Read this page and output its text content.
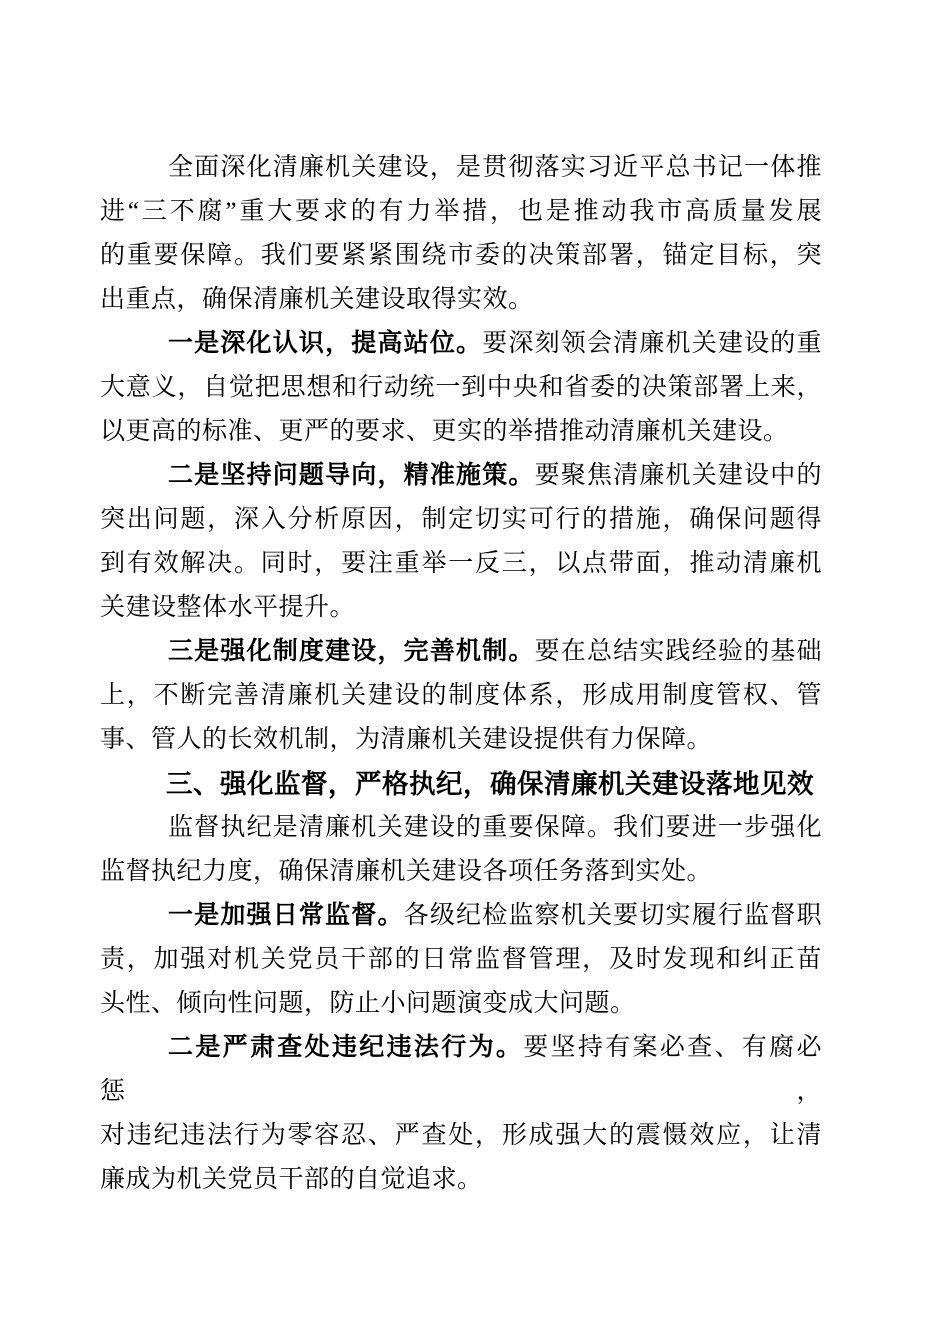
全面深化清廉机关建设，是贯彻落实习近平总书记一体推
进“三不腐”重大要求的有力举措，也是推动我市高质量发展
的重要保障。我们要紧紧围绕市委的决策部署，锚定目标，突
出重点，确保清廉机关建设取得实效。
一是深化认识，提高站位。要深刻领会清廉机关建设的重
大意义，自觉把思想和行动统一到中央和省委的决策部署上来，
以更高的标准、更严的要求、更实的举措推动清廉机关建设。
二是坚持问题导向，精准施策。要聚焦清廉机关建设中的
突出问题，深入分析原因，制定切实可行的措施，确保问题得
到有效解决。同时，要注重举一反三，以点带面，推动清廉机
关建设整体水平提升。
三是强化制度建设，完善机制。要在总结实践经验的基础
上，不断完善清廉机关建设的制度体系，形成用制度管权、管
事、管人的长效机制，为清廉机关建设提供有力保障。
三、强化监督，严格执纪，确保清廉机关建设落地见效
监督执纪是清廉机关建设的重要保障。我们要进一步强化
监督执纪力度，确保清廉机关建设各项任务落到实处。
一是加强日常监督。各级纪检监察机关要切实履行监督职
责，加强对机关党员干部的日常监督管理，及时发现和纠正苗
头性、倾向性问题，防止小问题演变成大问题。
二是严肃查处违纪违法行为。要坚持有案必查、有腐必惩，
对违纪违法行为零容忍、严查处，形成强大的震慑效应，让清
廉成为机关党员干部的自觉追求。
